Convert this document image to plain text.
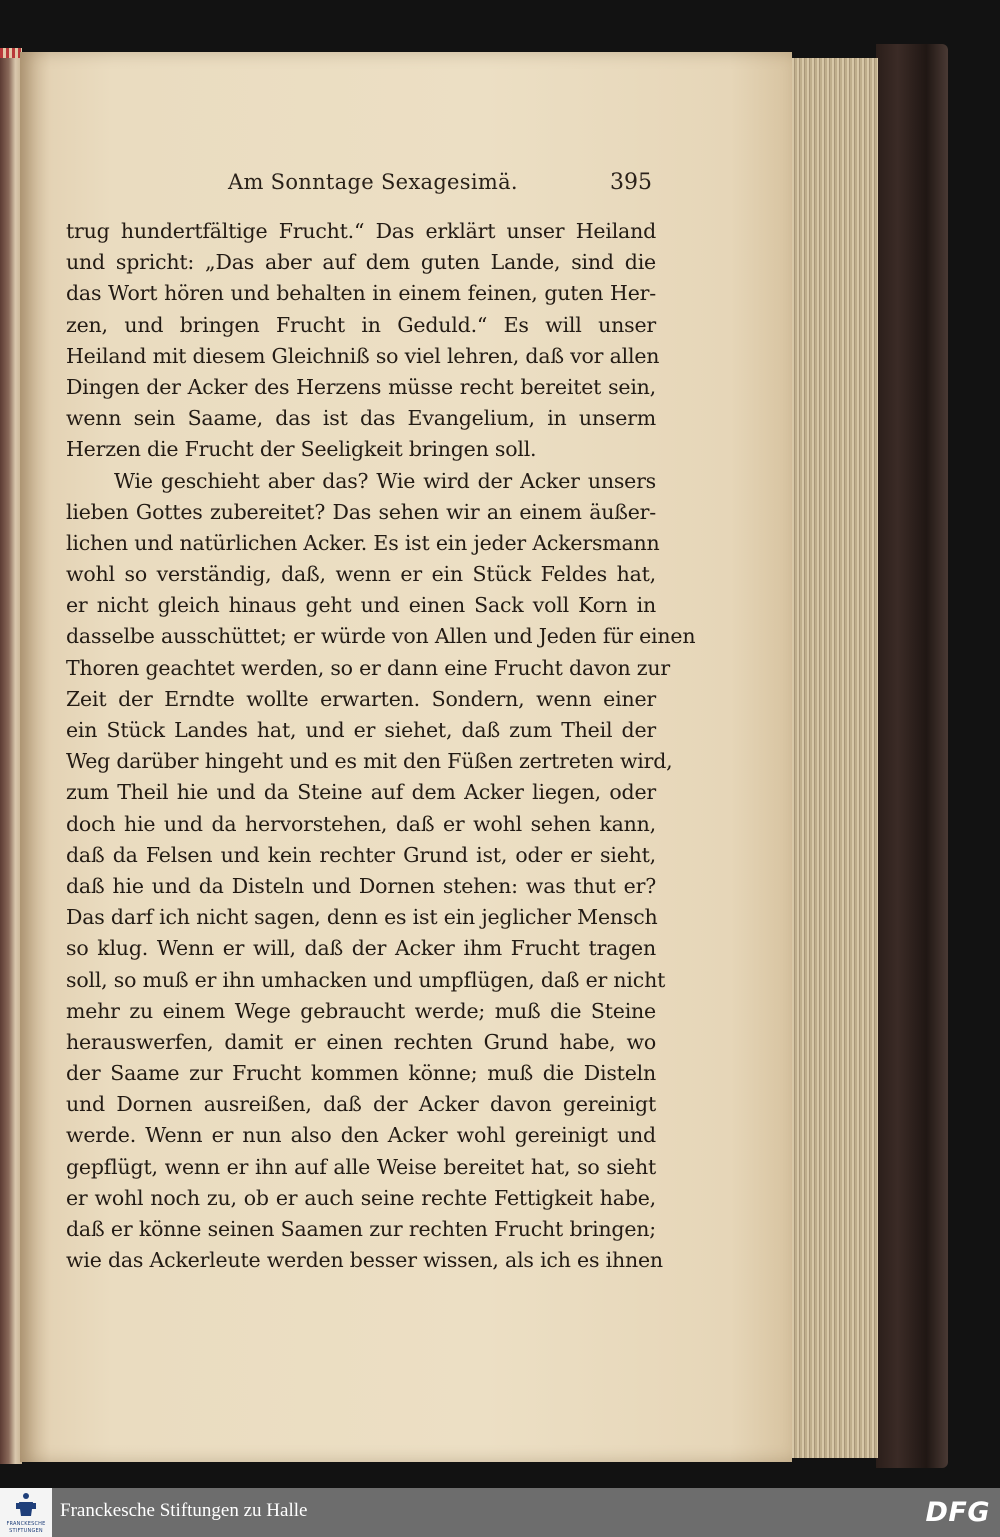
Am Sonntage Sexagesimä.	395
trug hundertfältige Frucht.“ Das erklärt unser Heiland
und spricht: „Das aber auf dem guten Lande, sind die
das Wort hören und behalten in einem feinen, guten Her-
zen, und bringen Frucht in Geduld.“ Es will unser
Heiland mit diesem Gleichniß so viel lehren, daß vor allen
Dingen der Acker des Herzens müsse recht bereitet sein,
wenn sein Saame, das ist das Evangelium, in unserm
Herzen die Frucht der Seeligkeit bringen soll.
Wie geschieht aber das? Wie wird der Acker unsers
lieben Gottes zubereitet? Das sehen wir an einem äußer-
lichen und natürlichen Acker. Es ist ein jeder Ackersmann
wohl so verständig, daß, wenn er ein Stück Feldes hat,
er nicht gleich hinaus geht und einen Sack voll Korn in
dasselbe ausschüttet; er würde von Allen und Jeden für einen
Thoren geachtet werden, so er dann eine Frucht davon zur
Zeit der Erndte wollte erwarten. Sondern, wenn einer
ein Stück Landes hat, und er siehet, daß zum Theil der
Weg darüber hingeht und es mit den Füßen zertreten wird,
zum Theil hie und da Steine auf dem Acker liegen, oder
doch hie und da hervorstehen, daß er wohl sehen kann,
daß da Felsen und kein rechter Grund ist, oder er sieht,
daß hie und da Disteln und Dornen stehen: was thut er?
Das darf ich nicht sagen, denn es ist ein jeglicher Mensch
so klug. Wenn er will, daß der Acker ihm Frucht tragen
soll, so muß er ihn umhacken und umpflügen, daß er nicht
mehr zu einem Wege gebraucht werde; muß die Steine
herauswerfen, damit er einen rechten Grund habe, wo
der Saame zur Frucht kommen könne; muß die Disteln
und Dornen ausreißen, daß der Acker davon gereinigt
werde. Wenn er nun also den Acker wohl gereinigt und
gepflügt, wenn er ihn auf alle Weise bereitet hat, so sieht
er wohl noch zu, ob er auch seine rechte Fettigkeit habe,
daß er könne seinen Saamen zur rechten Frucht bringen;
wie das Ackerleute werden besser wissen, als ich es ihnen
FRANCKESCHE
STIFTUNGEN
Franckesche Stiftungen zu Halle	DFG
